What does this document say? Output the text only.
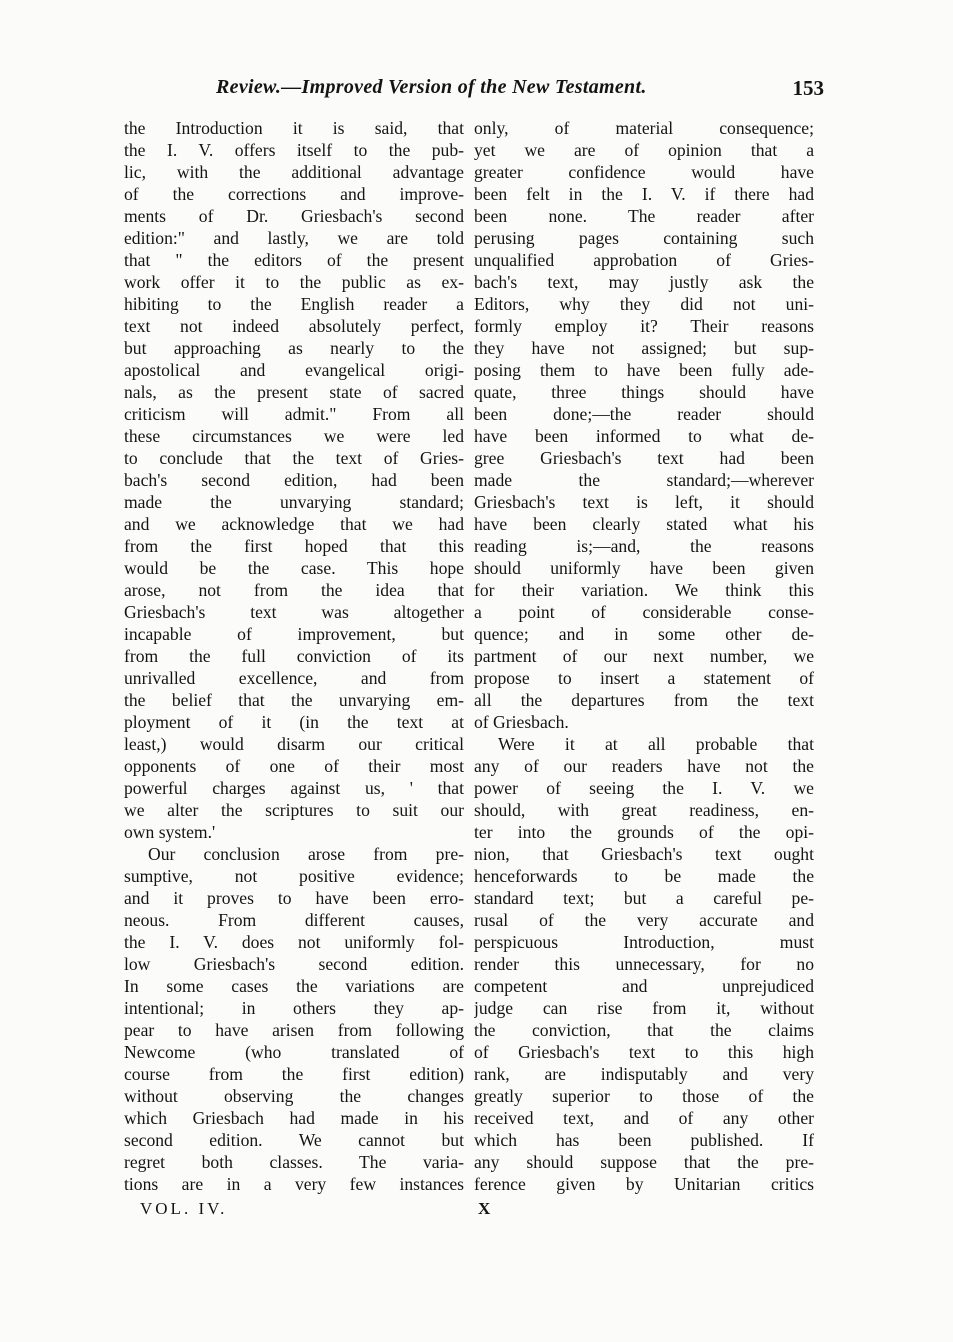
Review.—Improved Version of the New Testament.	153
the Introduction it is said, that
the I. V. offers itself to the pub-
lic, with the additional advantage
of the corrections and improve-
ments of Dr. Griesbach's second
edition:" and lastly, we are told
that " the editors of the present
work offer it to the public as ex-
hibiting to the English reader a
text not indeed absolutely perfect,
but approaching as nearly to the
apostolical and evangelical origi-
nals, as the present state of sacred
criticism will admit." From all
these circumstances we were led
to conclude that the text of Gries-
bach's second edition, had been
made the unvarying standard;
and we acknowledge that we had
from the first hoped that this
would be the case. This hope
arose, not from the idea that
Griesbach's text was altogether
incapable of improvement, but
from the full conviction of its
unrivalled excellence, and from
the belief that the unvarying em-
ployment of it (in the text at
least,) would disarm our critical
opponents of one of their most
powerful charges against us, ' that
we alter the scriptures to suit our
own system.'
Our conclusion arose from pre-
sumptive, not positive evidence;
and it proves to have been erro-
neous. From different causes,
the I. V. does not uniformly fol-
low Griesbach's second edition.
In some cases the variations are
intentional; in others they ap-
pear to have arisen from following
Newcome (who translated of
course from the first edition)
without observing the changes
which Griesbach had made in his
second edition. We cannot but
regret both classes. The varia-
tions are in a very few instances
only, of material consequence;
yet we are of opinion that a
greater confidence would have
been felt in the I. V. if there had
been none. The reader after
perusing pages containing such
unqualified approbation of Gries-
bach's text, may justly ask the
Editors, why they did not uni-
formly employ it? Their reasons
they have not assigned; but sup-
posing them to have been fully ade-
quate, three things should have
been done;—the reader should
have been informed to what de-
gree Griesbach's text had been
made the standard;—wherever
Griesbach's text is left, it should
have been clearly stated what his
reading is;—and, the reasons
should uniformly have been given
for their variation. We think this
a point of considerable conse-
quence; and in some other de-
partment of our next number, we
propose to insert a statement of
all the departures from the text
of Griesbach.
Were it at all probable that
any of our readers have not the
power of seeing the I. V. we
should, with great readiness, en-
ter into the grounds of the opi-
nion, that Griesbach's text ought
henceforwards to be made the
standard text; but a careful pe-
rusal of the very accurate and
perspicuous Introduction, must
render this unnecessary, for no
competent and unprejudiced
judge can rise from it, without
the conviction, that the claims
of Griesbach's text to this high
rank, are indisputably and very
greatly superior to those of the
received text, and of any other
which has been published. If
any should suppose that the pre-
ference given by Unitarian critics
VOL. IV.	X
